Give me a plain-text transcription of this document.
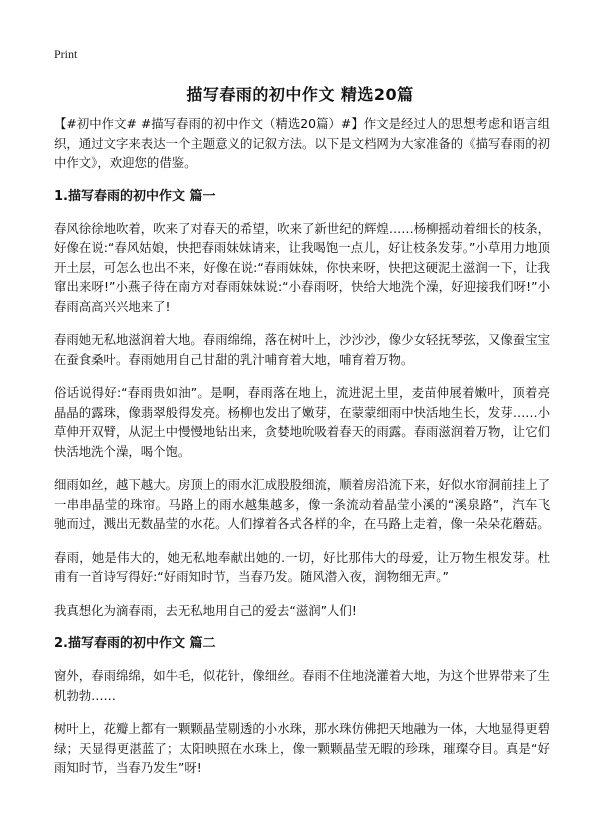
Print
描写春雨的初中作文 精选20篇

【#初中作文# #描写春雨的初中作文（精选20篇）#】作文是经过人的思想考虑和语言组织，通过文字来表达一个主题意义的记叙方法。以下是文档网为大家准备的《描写春雨的初中作文》，欢迎您的借鉴。

1.描写春雨的初中作文 篇一

春风徐徐地吹着，吹来了对春天的希望，吹来了新世纪的辉煌……杨柳摇动着细长的枝条，好像在说:“春风姑娘，快把春雨妹妹请来，让我喝饱一点儿，好让枝条发芽。”小草用力地顶开土层，可怎么也出不来，好像在说:“春雨妹妹，你快来呀，快把这硬泥土滋润一下，让我窜出来呀!”小燕子待在南方对春雨妹妹说:“小春雨呀，快给大地洗个澡，好迎接我们呀!”小春雨高高兴兴地来了!

春雨她无私地滋润着大地。春雨绵绵，落在树叶上，沙沙沙，像少女轻抚琴弦，又像蚕宝宝在蚕食桑叶。春雨她用自己甘甜的乳汁哺育着大地，哺育着万物。

俗话说得好:“春雨贵如油”。是啊，春雨落在地上，流进泥土里，麦苗伸展着嫩叶，顶着亮晶晶的露珠，像翡翠般得发亮。杨柳也发出了嫩芽，在蒙蒙细雨中快活地生长，发芽……小草伸开双臂，从泥土中慢慢地钻出来，贪婪地吮吸着春天的雨露。春雨滋润着万物，让它们快活地洗个澡，喝个饱。

细雨如丝，越下越大。房顶上的雨水汇成股股细流，顺着房沿流下来，好似水帘洞前挂上了一串串晶莹的珠帘。马路上的雨水越集越多，像一条流动着晶莹小溪的“溪泉路”，汽车飞驰而过，溅出无数晶莹的水花。人们撑着各式各样的伞，在马路上走着，像一朵朵花蘑菇。

春雨，她是伟大的，她无私地奉献出她的.一切，好比那伟大的母爱，让万物生根发芽。杜甫有一首诗写得好:“好雨知时节，当春乃发。随风潜入夜，润物细无声。”

我真想化为滴春雨，去无私地用自己的爱去“滋润”人们!

2.描写春雨的初中作文 篇二

窗外，春雨绵绵，如牛毛，似花针，像细丝。春雨不住地浇灌着大地，为这个世界带来了生机勃勃……

树叶上，花瓣上都有一颗颗晶莹剔透的小水珠，那水珠仿佛把天地融为一体，大地显得更碧绿；天显得更湛蓝了；太阳映照在水珠上，像一颗颗晶莹无暇的珍珠，璀璨夺目。真是“好雨知时节，当春乃发生”呀!
